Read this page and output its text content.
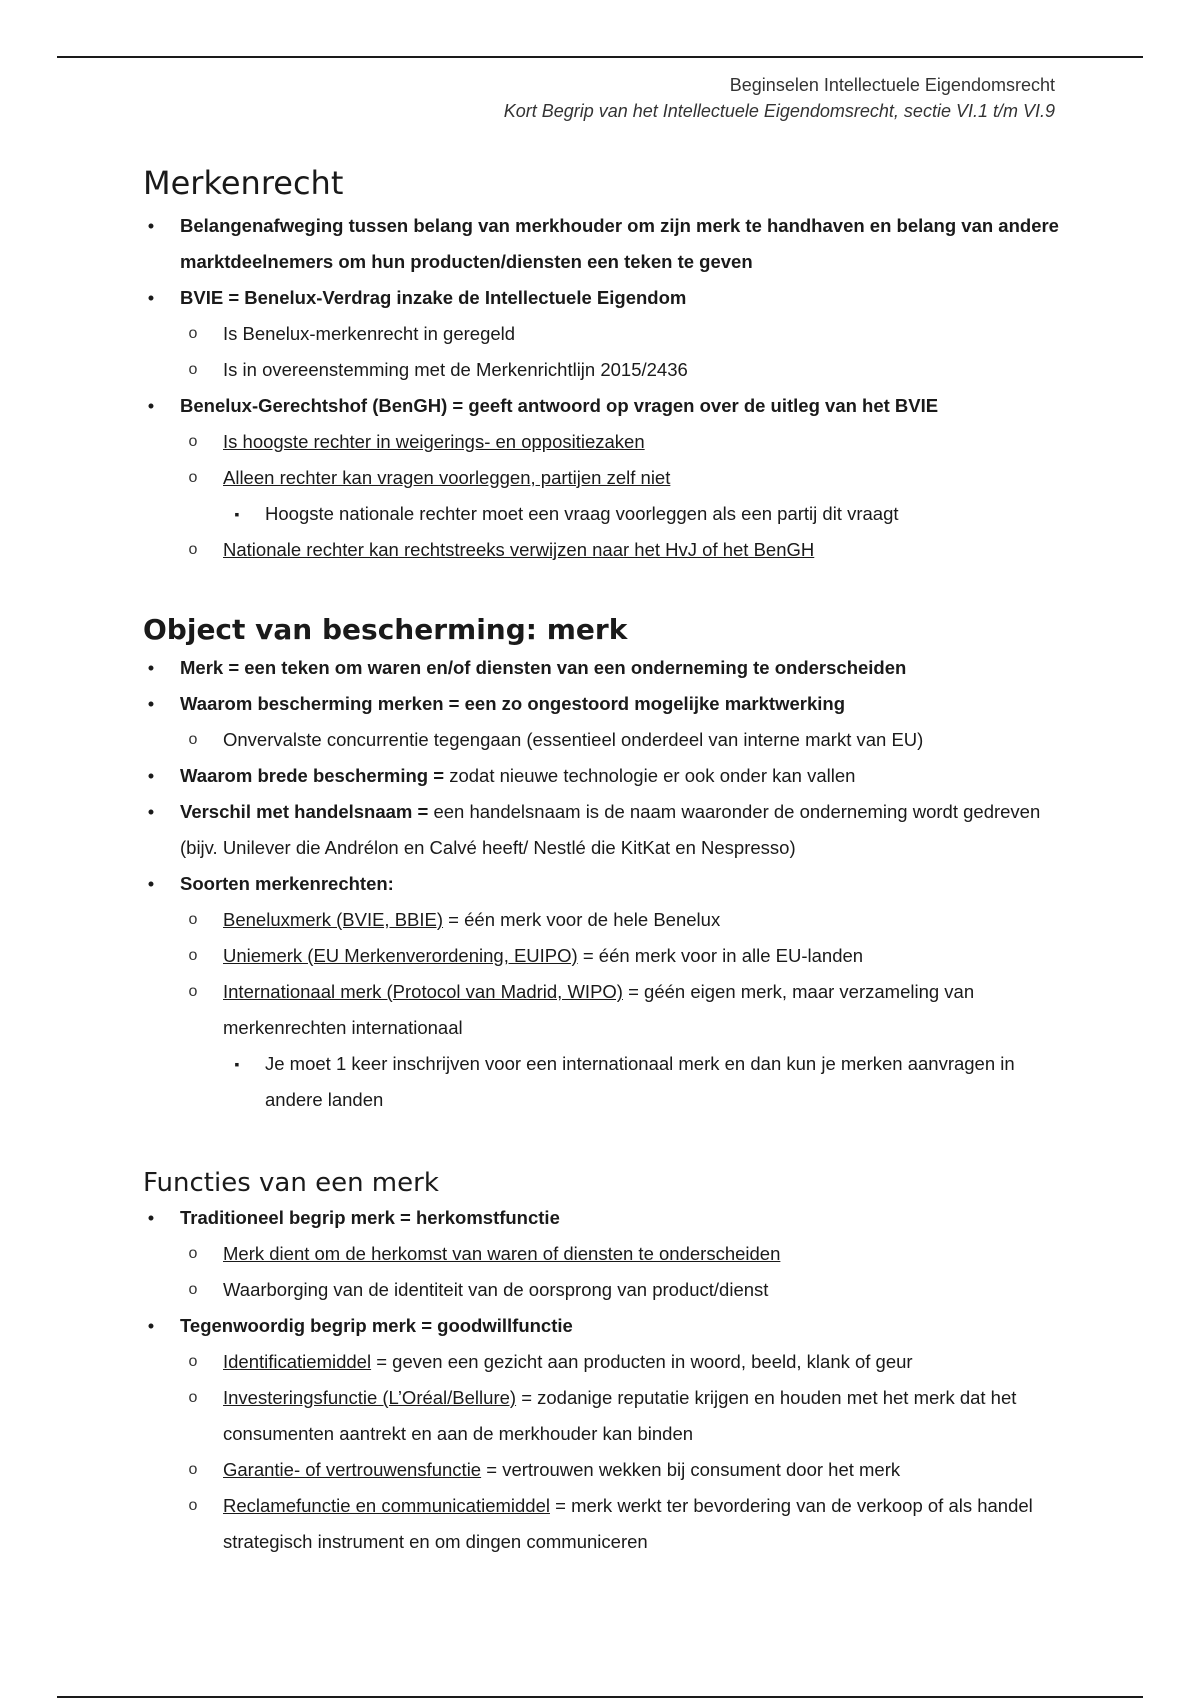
Beginselen Intellectuele Eigendomsrecht
Kort Begrip van het Intellectuele Eigendomsrecht, sectie VI.1 t/m VI.9
Merkenrecht
• Belangenafweging tussen belang van merkhouder om zijn merk te handhaven en belang van andere marktdeelnemers om hun producten/diensten een teken te geven
• BVIE = Benelux-Verdrag inzake de Intellectuele Eigendom
o Is Benelux-merkenrecht in geregeld
o Is in overeenstemming met de Merkenrichtlijn 2015/2436
• Benelux-Gerechtshof (BenGH) = geeft antwoord op vragen over de uitleg van het BVIE
o Is hoogste rechter in weigerings- en oppositiezaken
o Alleen rechter kan vragen voorleggen, partijen zelf niet
▪ Hoogste nationale rechter moet een vraag voorleggen als een partij dit vraagt
o Nationale rechter kan rechtstreeks verwijzen naar het HvJ of het BenGH
Object van bescherming: merk
• Merk = een teken om waren en/of diensten van een onderneming te onderscheiden
• Waarom bescherming merken = een zo ongestoord mogelijke marktwerking
o Onvervalste concurrentie tegengaan (essentieel onderdeel van interne markt van EU)
• Waarom brede bescherming = zodat nieuwe technologie er ook onder kan vallen
• Verschil met handelsnaam = een handelsnaam is de naam waaronder de onderneming wordt gedreven (bijv. Unilever die Andrélon en Calvé heeft/ Nestlé die KitKat en Nespresso)
• Soorten merkenrechten:
o Beneluxmerk (BVIE, BBIE) = één merk voor de hele Benelux
o Uniemerk (EU Merkenverordening, EUIPO) = één merk voor in alle EU-landen
o Internationaal merk (Protocol van Madrid, WIPO) = géén eigen merk, maar verzameling van merkenrechten internationaal
▪ Je moet 1 keer inschrijven voor een internationaal merk en dan kun je merken aanvragen in andere landen
Functies van een merk
• Traditioneel begrip merk = herkomstfunctie
o Merk dient om de herkomst van waren of diensten te onderscheiden
o Waarborging van de identiteit van de oorsprong van product/dienst
• Tegenwoordig begrip merk = goodwillfunctie
o Identificatiemiddel = geven een gezicht aan producten in woord, beeld, klank of geur
o Investeringsfunctie (L’Oréal/Bellure) = zodanige reputatie krijgen en houden met het merk dat het consumenten aantrekt en aan de merkhouder kan binden
o Garantie- of vertrouwensfunctie = vertrouwen wekken bij consument door het merk
o Reclamefunctie en communicatiemiddel = merk werkt ter bevordering van de verkoop of als handel strategisch instrument en om dingen communiceren
